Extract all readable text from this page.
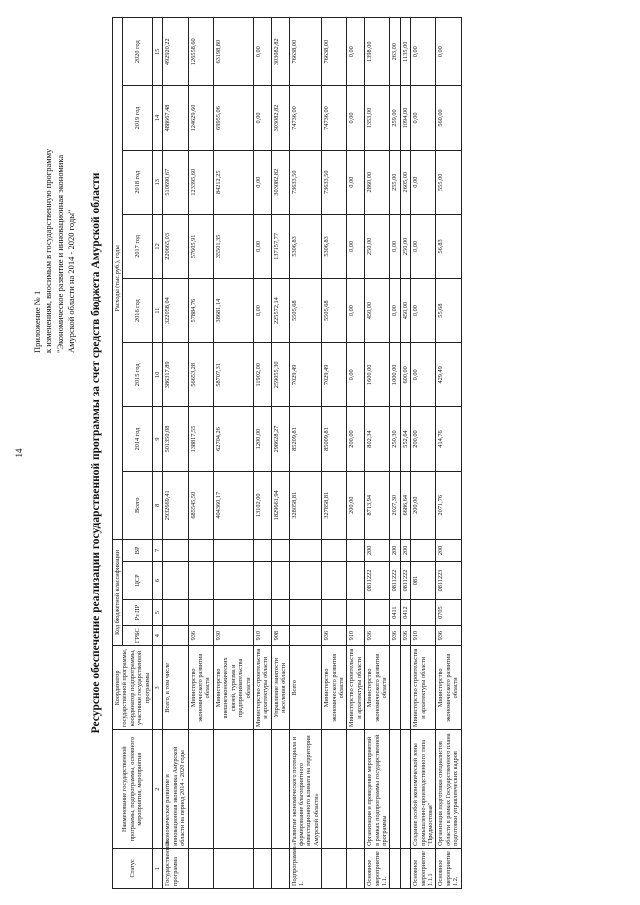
14
Приложение № 1 к изменениям, вносимым в государственную программу "Экономическое развитие и инновационная экономика Амурской области на 2014 - 2020 годы" Ресурсное обеспечение реализации государственной программы за счет средств бюджета Амурской области
Статус	Наименование государственной программы, подпрограммы, основного мероприятия, мероприятия	Координатор государственной программы, координатор подпрограммы, участники государственной программы	Код бюджетной классификации				Расходы (тыс.руб.), годы							
			ГРБС	Рз ПР	ЦСР	ВР	Всего	2014 год	2015 год	2016 год	2017 год	2018 год	2019 год	2020 год

1	2	3	4	5	6	7	8	9	10	11	12	13	14	15
Государственная программа	Экономическое развитие и инновационная экономика Амурской области на период 2014 - 2020 годы	Всего, в том числе					2932669,41	501350,08	386317,89	322058,04	220665,03	510690,67	488667,48	492920,22
		Министерство экономического развития области	936				685545,50	138817,55	56653,28	57884,76	57605,91	123395,60	124629,60	126558,60
		Министерство внешнеэкономических связей, туризма и предпринимательства области	930				404360,17	62704,26	58707,31	38681,14	35501,35	84212,25	69955,06	63198,80
		Министерство строительства и архитектуры области	910				13102,00	1200,00	11902,00	0,00	0,00	0,00	0,00	0,00
		Управление занятости населения области	908				1829661,94	298628,27	259055,30	225572,14	137157,77	303082,82	303082,82	303082,82
Подпрограмма 1.	«Развитие экономического потенциала и формирование благоприятного инвестиционного климата на территории Амурской области»	Всего					328058,81	85209,81	7029,49	5505,68	5306,83	73633,50	74736,00	76638,00
		Министерство экономического развития области	936				327858,81	85009,81	7029,49	5505,68	5306,83	73633,50	74736,00	76638,00
		Министерство строительства и архитектуры области	910				200,00	200,00	0,00	0,00	0,00	0,00	0,00	0,00
Основное мероприятие 1.1.	Организация и проведение мероприятий в рамках подпрограммы государственной программы	Министерство экономического развития области	936		0811222	200	8713,94	802,34	1600,00	450,00	250,00	2860,00	1353,00	1398,00
			936	0411	0811222	200	2027,30	250,30	1000,00	0,00	0,00	255,00	259,00	263,00
			936	0412	0811222	200	6686,64	552,64	600,00	450,00	250,00	2605,00	1094,00	1135,00
Основное мероприятие 1.1.1	Создание особой экономической зоны промышленно-производственного типа "Предмостовая"	Министерство строительства и архитектуры области	910		081		200,00	200,00	0,00	0,00	0,00	0,00	0,00	0,00
Основное мероприятие 1.2.	Организация подготовки специалистов области в рамках Государственного плана подготовки управленческих кадров	Министерство экономического развития области	936	0705	0811223	200	2071,76	414,76	429,49	55,68	56,83	555,00	560,00	0,00
